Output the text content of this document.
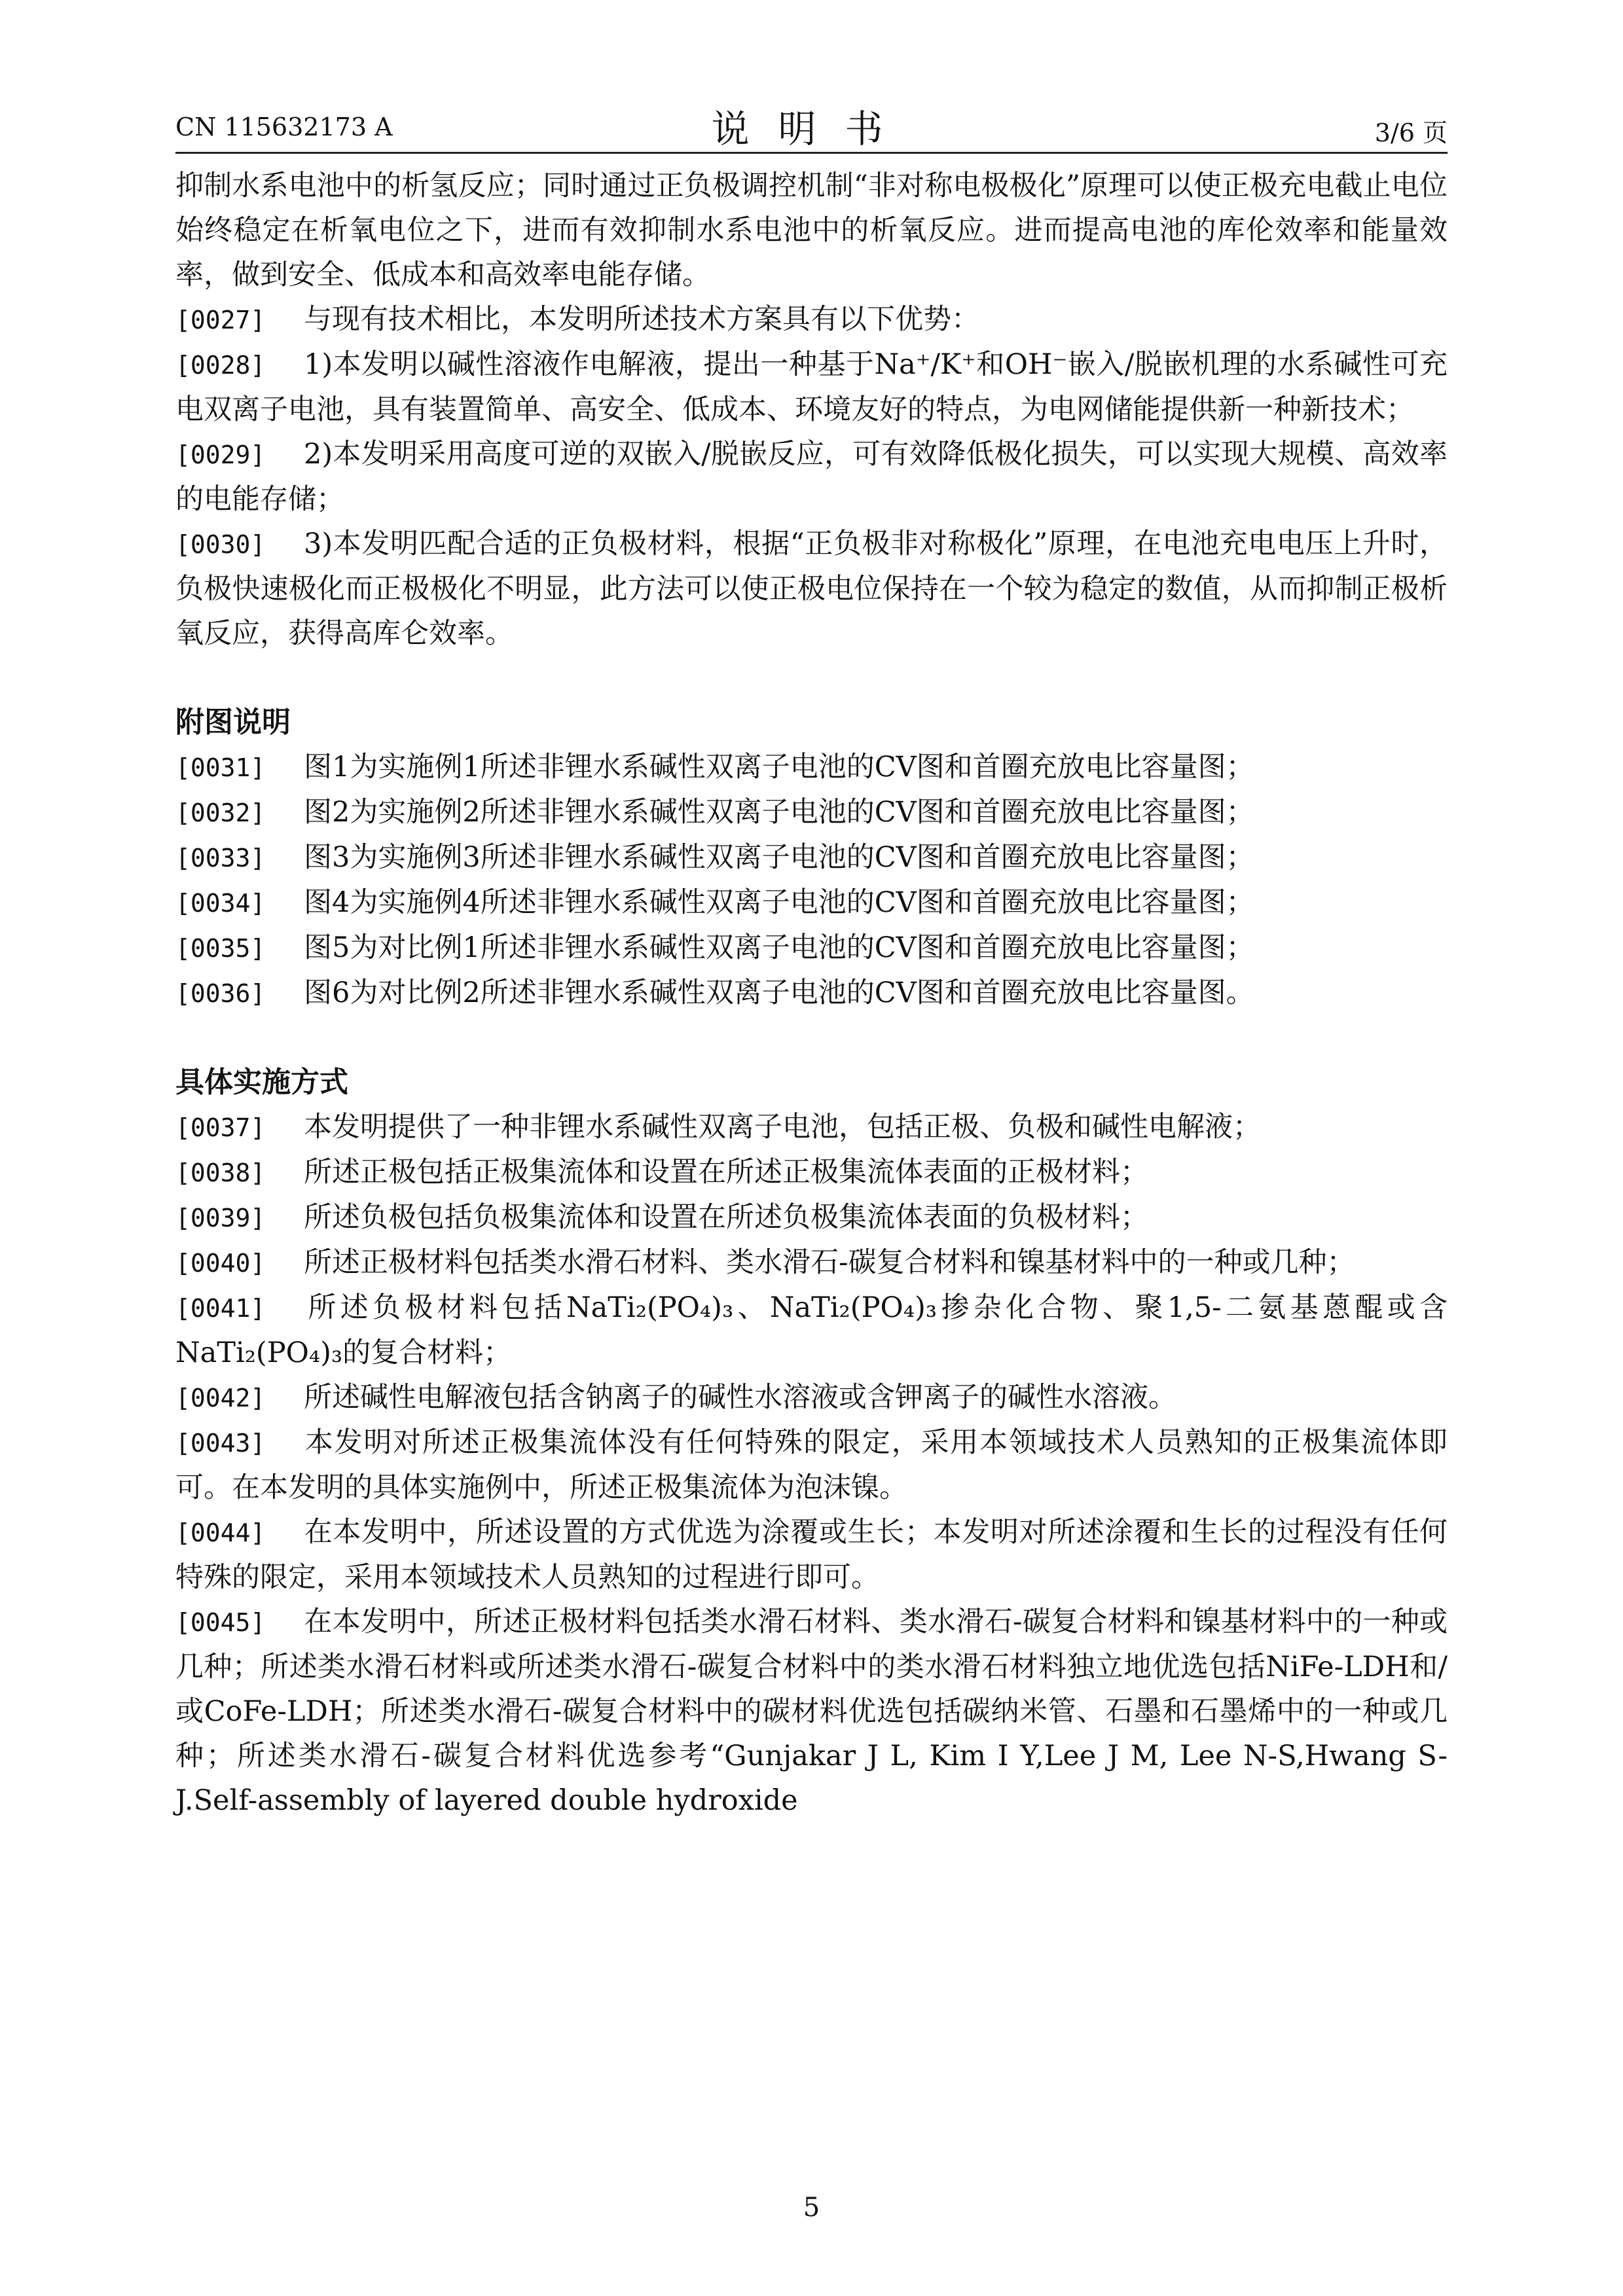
CN 115632173 A	说明书	3/6 页

抑制水系电池中的析氢反应；同时通过正负极调控机制“非对称电极极化”原理可以使正极充电截止电位始终稳定在析氧电位之下，进而有效抑制水系电池中的析氧反应。进而提高电池的库伦效率和能量效率，做到安全、低成本和高效率电能存储。

[0027] 与现有技术相比，本发明所述技术方案具有以下优势：

[0028] 1)本发明以碱性溶液作电解液，提出一种基于Na⁺/K⁺和OH⁻嵌入/脱嵌机理的水系碱性可充电双离子电池，具有装置简单、高安全、低成本、环境友好的特点，为电网储能提供新一种新技术；

[0029] 2)本发明采用高度可逆的双嵌入/脱嵌反应，可有效降低极化损失，可以实现大规模、高效率的电能存储；

[0030] 3)本发明匹配合适的正负极材料，根据“正负极非对称极化”原理，在电池充电电压上升时，负极快速极化而正极极化不明显，此方法可以使正极电位保持在一个较为稳定的数值，从而抑制正极析氧反应，获得高库仑效率。

附图说明

[0031] 图1为实施例1所述非锂水系碱性双离子电池的CV图和首圈充放电比容量图；

[0032] 图2为实施例2所述非锂水系碱性双离子电池的CV图和首圈充放电比容量图；

[0033] 图3为实施例3所述非锂水系碱性双离子电池的CV图和首圈充放电比容量图；

[0034] 图4为实施例4所述非锂水系碱性双离子电池的CV图和首圈充放电比容量图；

[0035] 图5为对比例1所述非锂水系碱性双离子电池的CV图和首圈充放电比容量图；

[0036] 图6为对比例2所述非锂水系碱性双离子电池的CV图和首圈充放电比容量图。

具体实施方式

[0037] 本发明提供了一种非锂水系碱性双离子电池，包括正极、负极和碱性电解液；

[0038] 所述正极包括正极集流体和设置在所述正极集流体表面的正极材料；

[0039] 所述负极包括负极集流体和设置在所述负极集流体表面的负极材料；

[0040] 所述正极材料包括类水滑石材料、类水滑石-碳复合材料和镍基材料中的一种或几种；

[0041] 所述负极材料包括NaTi₂(PO₄)₃、NaTi₂(PO₄)₃掺杂化合物、聚1,5-二氨基蒽醌或含NaTi₂(PO₄)₃的复合材料；

[0042] 所述碱性电解液包括含钠离子的碱性水溶液或含钾离子的碱性水溶液。

[0043] 本发明对所述正极集流体没有任何特殊的限定，采用本领域技术人员熟知的正极集流体即可。在本发明的具体实施例中，所述正极集流体为泡沫镍。

[0044] 在本发明中，所述设置的方式优选为涂覆或生长；本发明对所述涂覆和生长的过程没有任何特殊的限定，采用本领域技术人员熟知的过程进行即可。

[0045] 在本发明中，所述正极材料包括类水滑石材料、类水滑石-碳复合材料和镍基材料中的一种或几种；所述类水滑石材料或所述类水滑石-碳复合材料中的类水滑石材料独立地优选包括NiFe-LDH和/或CoFe-LDH；所述类水滑石-碳复合材料中的碳材料优选包括碳纳米管、石墨和石墨烯中的一种或几种；所述类水滑石-碳复合材料优选参考“Gunjakar J L, Kim I Y,Lee J M, Lee N-S,Hwang S-J.Self-assembly of layered double hydroxide

5
